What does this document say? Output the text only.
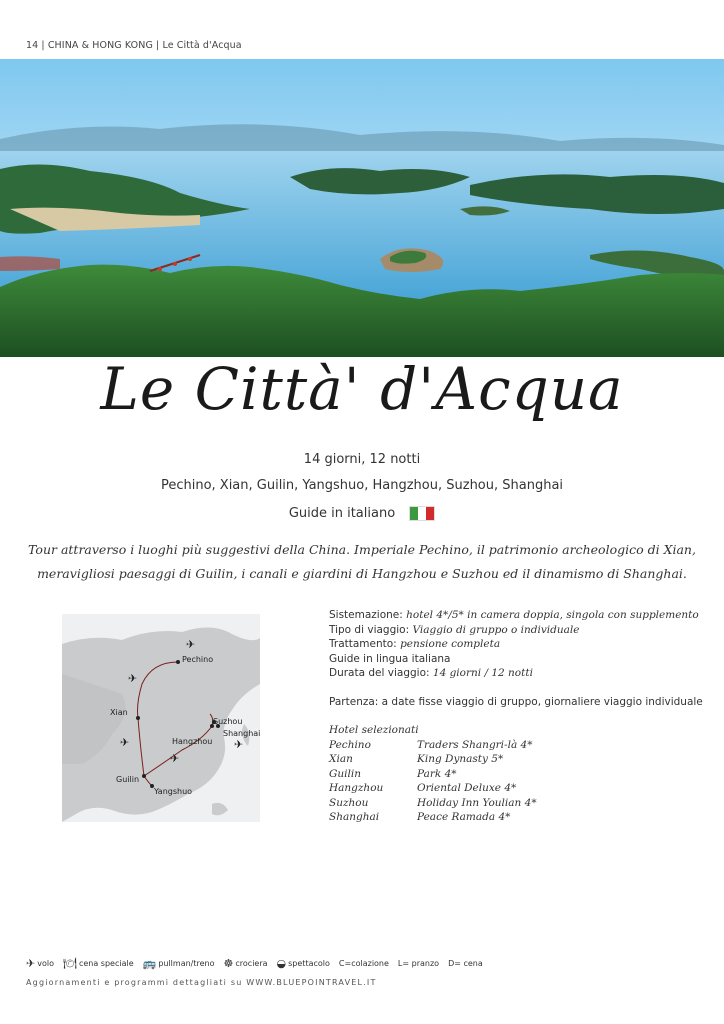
14 | CHINA & HONG KONG | Le Città d'Acqua
Le Città' d'Acqua
14 giorni, 12 notti
Pechino, Xian, Guilin, Yangshuo, Hangzhou, Suzhou, Shanghai
Guide in italiano
Tour attraverso i luoghi più suggestivi della China. Imperiale Pechino, il patrimonio archeologico di Xian, meravigliosi paesaggi di Guilin, i canali e giardini di Hangzhou e Suzhou ed il dinamismo di Shanghai.
Pechino
Xian
Suzhou
Shanghai
Hangzhou
Guilin
Yangshuo
✈
✈
✈
✈
✈
Sistemazione: hotel 4*/5* in camera doppia, singola con supplemento
Tipo di viaggio: Viaggio di gruppo o individuale
Trattamento: pensione completa
Guide in lingua italiana
Durata del viaggio: 14 giorni / 12 notti
Partenza: a date fisse viaggio di gruppo, giornaliere viaggio individuale
Hotel selezionati
Pechino	Traders Shangri-là 4*
Xian	King Dynasty 5*
Guilin	Park 4*
Hangzhou	Oriental Deluxe 4*
Suzhou	Holiday Inn Youlian 4*
Shanghai	Peace Ramada 4*
✈ volo 🍽 cena speciale 🚌 pullman/treno ☸ crociera ◒ spettacolo C=colazione L= pranzo D= cena
Aggiornamenti e programmi dettagliati su WWW.BLUEPOINTRAVEL.IT
